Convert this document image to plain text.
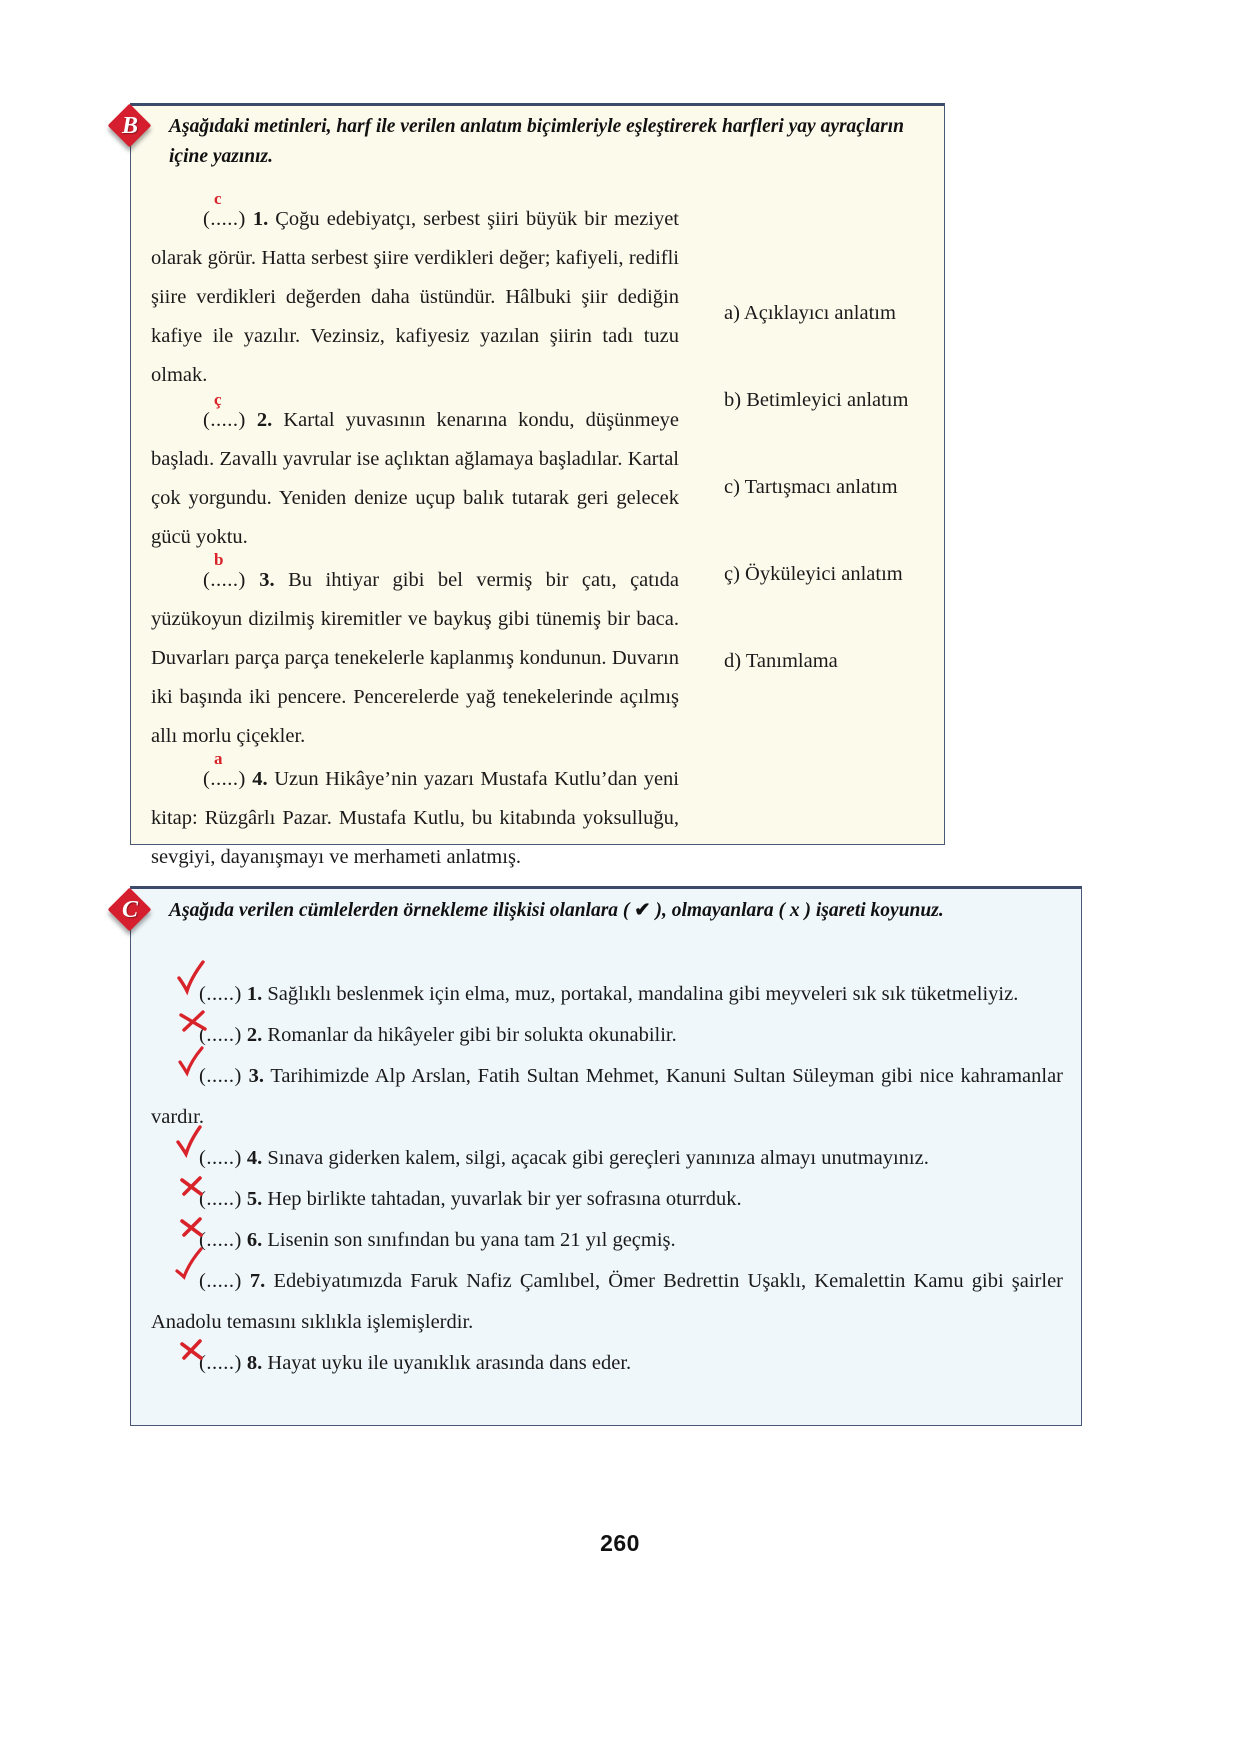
B	Aşağıdaki metinleri, harf ile verilen anlatım biçimleriyle eşleştirerek harfleri yay ayraçların içine yazınız.

(.....)
c
1. Çoğu edebiyatçı, serbest şiiri büyük bir meziyet olarak görür. Hatta serbest şiire verdikleri değer; kafiyeli, redifli şiire verdikleri değerden daha üstündür. Hâlbuki şiir dediğin kafiye ile yazılır. Vezinsiz, kafiyesiz yazılan şiirin tadı tuzu olmak.

(.....)
ç
2. Kartal yuvasının kenarına kondu, düşünmeye başladı. Zavallı yavrular ise açlıktan ağlamaya başladılar. Kartal çok yorgundu. Yeniden denize uçup balık tutarak geri gelecek gücü yoktu.

(.....)
b
3. Bu ihtiyar gibi bel vermiş bir çatı, çatıda yüzükoyun dizilmiş kiremitler ve baykuş gibi tünemiş bir baca. Duvarları parça parça tenekelerle kaplanmış kondunun. Duvarın iki başında iki pencere. Pencerelerde yağ tenekelerinde açılmış allı morlu çiçekler.

(.....)
a
4. Uzun Hikâye’nin yazarı Mustafa Kutlu’dan yeni kitap: Rüzgârlı Pazar. Mustafa Kutlu, bu kitabında yoksulluğu, sevgiyi, dayanışmayı ve merhameti anlatmış.

a) Açıklayıcı anlatım
b) Betimleyici anlatım
c) Tartışmacı anlatım
ç) Öyküleyici anlatım
d) Tanımlama
C	Aşağıda verilen cümlelerden örnekleme ilişkisi olanlara ( ✔ ), olmayanlara ( x ) işareti koyunuz.

(.....) 1. Sağlıklı beslenmek için elma, muz, portakal, mandalina gibi meyveleri sık sık tüketmeliyiz.

(.....) 2. Romanlar da hikâyeler gibi bir solukta okunabilir.

(.....) 3. Tarihimizde Alp Arslan, Fatih Sultan Mehmet, Kanuni Sultan Süleyman gibi nice kahramanlar vardır.

(.....) 4. Sınava giderken kalem, silgi, açacak gibi gereçleri yanınıza almayı unutmayınız.

(.....) 5. Hep birlikte tahtadan, yuvarlak bir yer sofrasına oturrduk.

(.....) 6. Lisenin son sınıfından bu yana tam 21 yıl geçmiş.

(.....) 7. Edebiyatımızda Faruk Nafiz Çamlıbel, Ömer Bedrettin Uşaklı, Kemalettin Kamu gibi şairler Anadolu temasını sıklıkla işlemişlerdir.

(.....) 8. Hayat uyku ile uyanıklık arasında dans eder.

260
